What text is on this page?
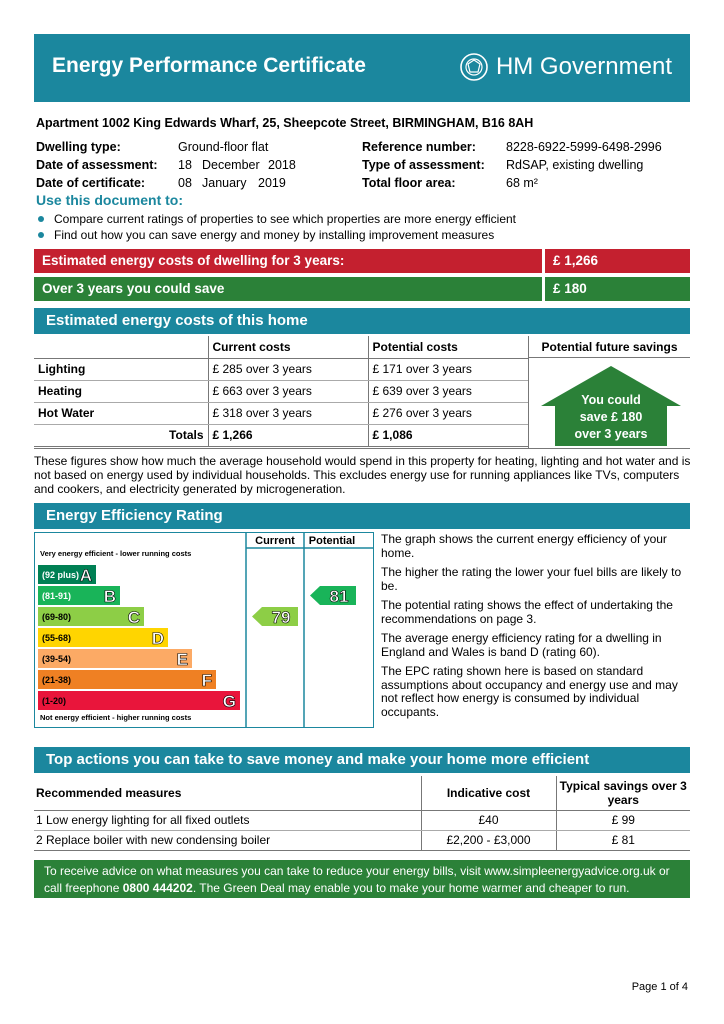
Energy Performance Certificate	HM Government
Apartment 1002 King Edwards Wharf, 25, Sheepcote Street, BIRMINGHAM, B16 8AH
Dwelling type:	Ground-floor flat
Date of assessment:	18 December 2018
Date of certificate:	08 January 2019
Reference number:	8228-6922-5999-6498-2996
Type of assessment:	RdSAP, existing dwelling
Total floor area:	68 m²
Use this document to:
Compare current ratings of properties to see which properties are more energy efficient
Find out how you can save energy and money by installing improvement measures
Estimated energy costs of dwelling for 3 years:	£ 1,266
Over 3 years you could save	£ 180
Estimated energy costs of this home
	Current costs	Potential costs
Lighting	£ 285 over 3 years	£ 171 over 3 years
Heating	£ 663 over 3 years	£ 639 over 3 years
Hot Water	£ 318 over 3 years	£ 276 over 3 years
Totals	£ 1,266	£ 1,086
Potential future savings
You could
save £ 180
over 3 years
These figures show how much the average household would spend in this property for heating, lighting and hot water and is not based on energy used by individual households. This excludes energy use for running appliances like TVs, computers and cookers, and electricity generated by microgeneration.
Energy Efficiency Rating
Current Potential
Very energy efficient - lower running costs
Not energy efficient - higher running costs
(92 plus) A
(81-91) B
(69-80)	C
(55-68)	D
(39-54)	E
(21-38)	F
(1-20)	G
79
81

The graph shows the current energy efficiency of your home.

The higher the rating the lower your fuel bills are likely to be.

The potential rating shows the effect of undertaking the recommendations on page 3.

The average energy efficiency rating for a dwelling in England and Wales is band D (rating 60).

The EPC rating shown here is based on standard assumptions about occupancy and energy use and may not reflect how energy is consumed by individual occupants.

Top actions you can take to save money and make your home more efficient
Recommended measures	Indicative cost	Typical savings over 3 years
1 Low energy lighting for all fixed outlets	£40	£ 99
2 Replace boiler with new condensing boiler	£2,200 - £3,000	£ 81
To receive advice on what measures you can take to reduce your energy bills, visit www.simpleenergyadvice.org.uk or
call freephone 0800 444202. The Green Deal may enable you to make your home warmer and cheaper to run.
Page 1 of 4
